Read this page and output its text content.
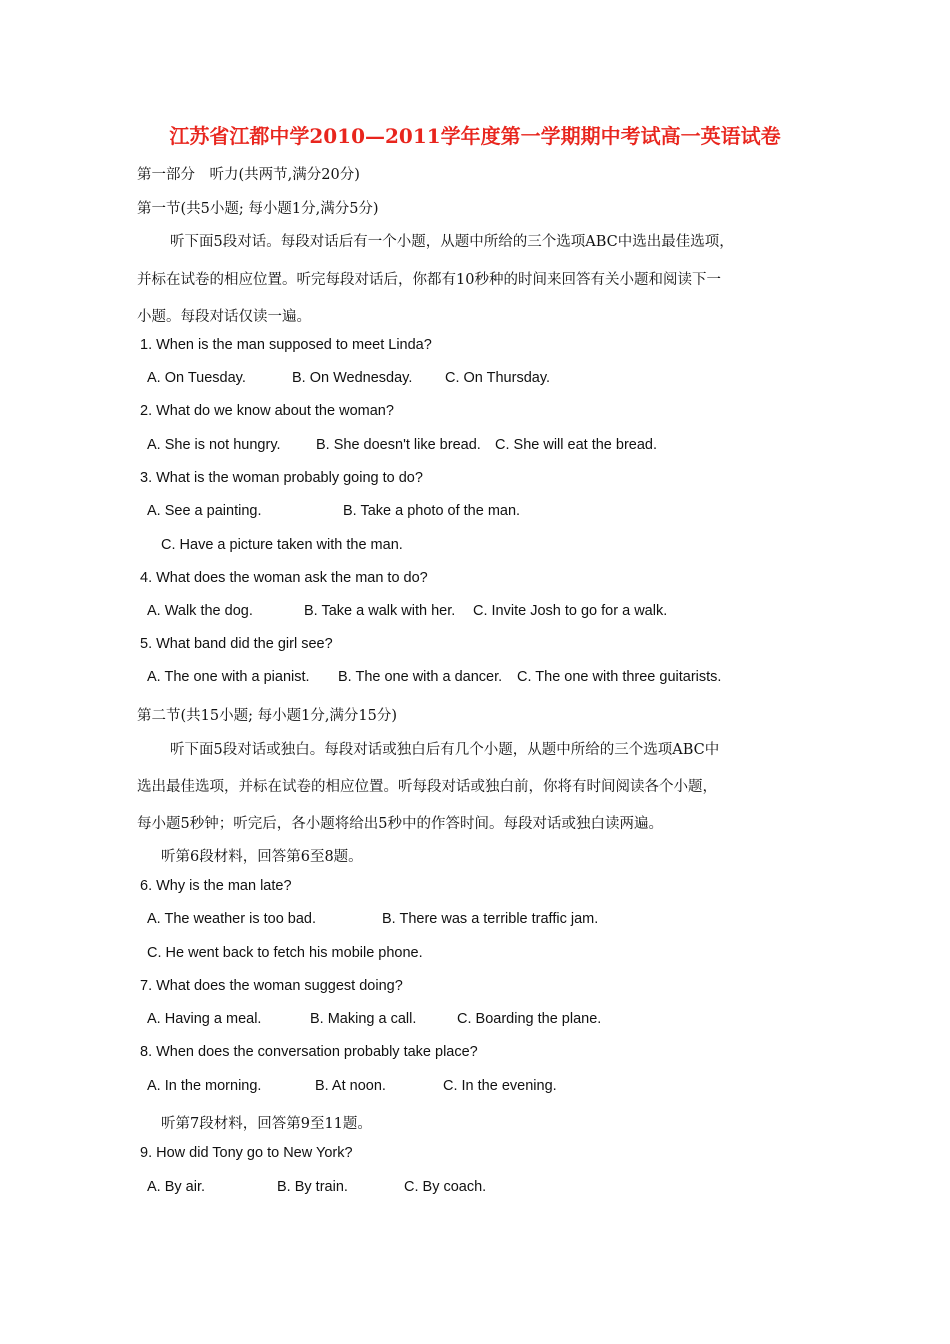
江苏省江都中学2010—2011学年度第一学期期中考试高一英语试卷
第一部分　听力(共两节,满分20分)
第一节(共5小题; 每小题1分,满分5分)
听下面5段对话。每段对话后有一个小题，从题中所给的三个选项ABC中选出最佳选项，
并标在试卷的相应位置。听完每段对话后，你都有10秒种的时间来回答有关小题和阅读下一
小题。每段对话仅读一遍。
1. When is the man supposed to meet Linda?
A. On Tuesday.	B. On Wednesday. C. On Thursday.
2. What do we know about the woman?
A. She is not hungry. B. She doesn't like bread. C. She will eat the bread.
3. What is the woman probably going to do?
A. See a painting.	B. Take a photo of the man.
C. Have a picture taken with the man.
4. What does the woman ask the man to do?
A. Walk the dog.	B. Take a walk with her. C. Invite Josh to go for a walk.
5. What band did the girl see?
A. The one with a pianist. B. The one with a dancer. C. The one with three guitarists.
第二节(共15小题; 每小题1分,满分15分)
听下面5段对话或独白。每段对话或独白后有几个小题，从题中所给的三个选项ABC中
选出最佳选项，并标在试卷的相应位置。听每段对话或独白前，你将有时间阅读各个小题，
每小题5秒钟；听完后，各小题将给出5秒中的作答时间。每段对话或独白读两遍。
听第6段材料，回答第6至8题。
6. Why is the man late?
A. The weather is too bad.	B. There was a terrible traffic jam.
C. He went back to fetch his mobile phone.
7. What does the woman suggest doing?
A. Having a meal.	B. Making a call.	C. Boarding the plane.
8. When does the conversation probably take place?
A. In the morning.	B. At noon.	C. In the evening.
听第7段材料，回答第9至11题。
9. How did Tony go to New York?
A. By air.	B. By train.	C. By coach.
